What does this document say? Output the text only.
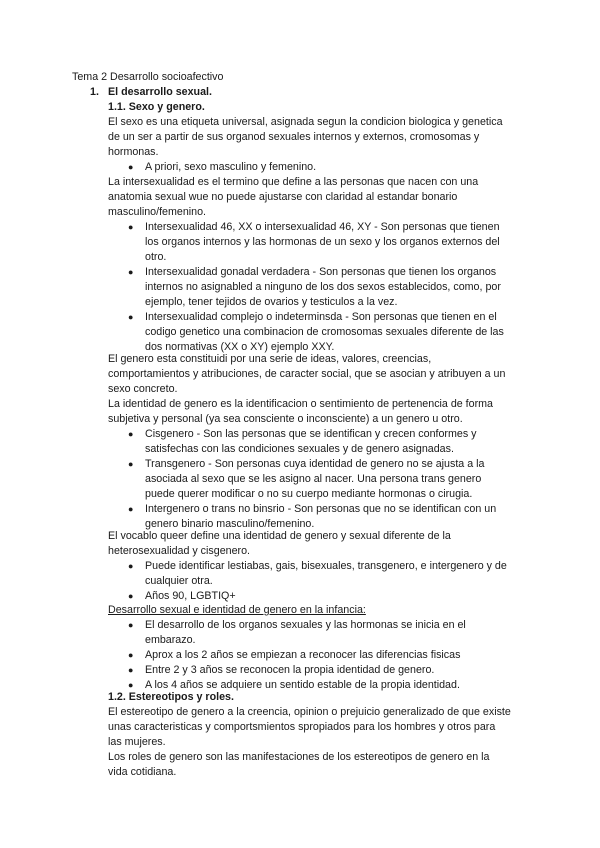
Tema 2 Desarrollo socioafectivo
1. El desarrollo sexual.
1.1. Sexo y genero.
El sexo es una etiqueta universal, asignada segun la condicion biologica y genetica
de un ser a partir de sus organod sexuales internos y externos, cromosomas y
hormonas.
● A priori, sexo masculino y femenino.
La intersexualidad es el termino que define a las personas que nacen con una
anatomia sexual wue no puede ajustarse con claridad al estandar bonario
masculino/femenino.
● Intersexualidad 46, XX o intersexualidad 46, XY - Son personas que tienen
los organos internos y las hormonas de un sexo y los organos externos del
otro.
● Intersexualidad gonadal verdadera - Son personas que tienen los organos
internos no asignabled a ninguno de los dos sexos establecidos, como, por
ejemplo, tener tejidos de ovarios y testiculos a la vez.
● Intersexualidad complejo o indeterminsda - Son personas que tienen en el
codigo genetico una combinacion de cromosomas sexuales diferente de las
dos normativas (XX o XY) ejemplo XXY.
El genero esta constituidi por una serie de ideas, valores, creencias,
comportamientos y atribuciones, de caracter social, que se asocian y atribuyen a un
sexo concreto.
La identidad de genero es la identificacion o sentimiento de pertenencia de forma
subjetiva y personal (ya sea consciente o inconsciente) a un genero u otro.
● Cisgenero - Son las personas que se identifican y crecen conformes y
satisfechas con las condiciones sexuales y de genero asignadas.
● Transgenero - Son personas cuya identidad de genero no se ajusta a la
asociada al sexo que se les asigno al nacer. Una persona trans genero
puede querer modificar o no su cuerpo mediante hormonas o cirugia.
● Intergenero o trans no binsrio - Son personas que no se identifican con un
genero binario masculino/femenino.
El vocablo queer define una identidad de genero y sexual diferente de la
heterosexualidad y cisgenero.
● Puede identificar lestiabas, gais, bisexuales, transgenero, e intergenero y de
cualquier otra.
● Años 90, LGBTIQ+
Desarrollo sexual e identidad de genero en la infancia:
● El desarrollo de los organos sexuales y las hormonas se inicia en el
embarazo.
● Aprox a los 2 años se empiezan a reconocer las diferencias fisicas
● Entre 2 y 3 años se reconocen la propia identidad de genero.
● A los 4 años se adquiere un sentido estable de la propia identidad.
1.2. Estereotipos y roles.
El estereotipo de genero a la creencia, opinion o prejuicio generalizado de que existe
unas caracteristicas y comportsmientos spropiados para los hombres y otros para
las mujeres.
Los roles de genero son las manifestaciones de los estereotipos de genero en la
vida cotidiana.
